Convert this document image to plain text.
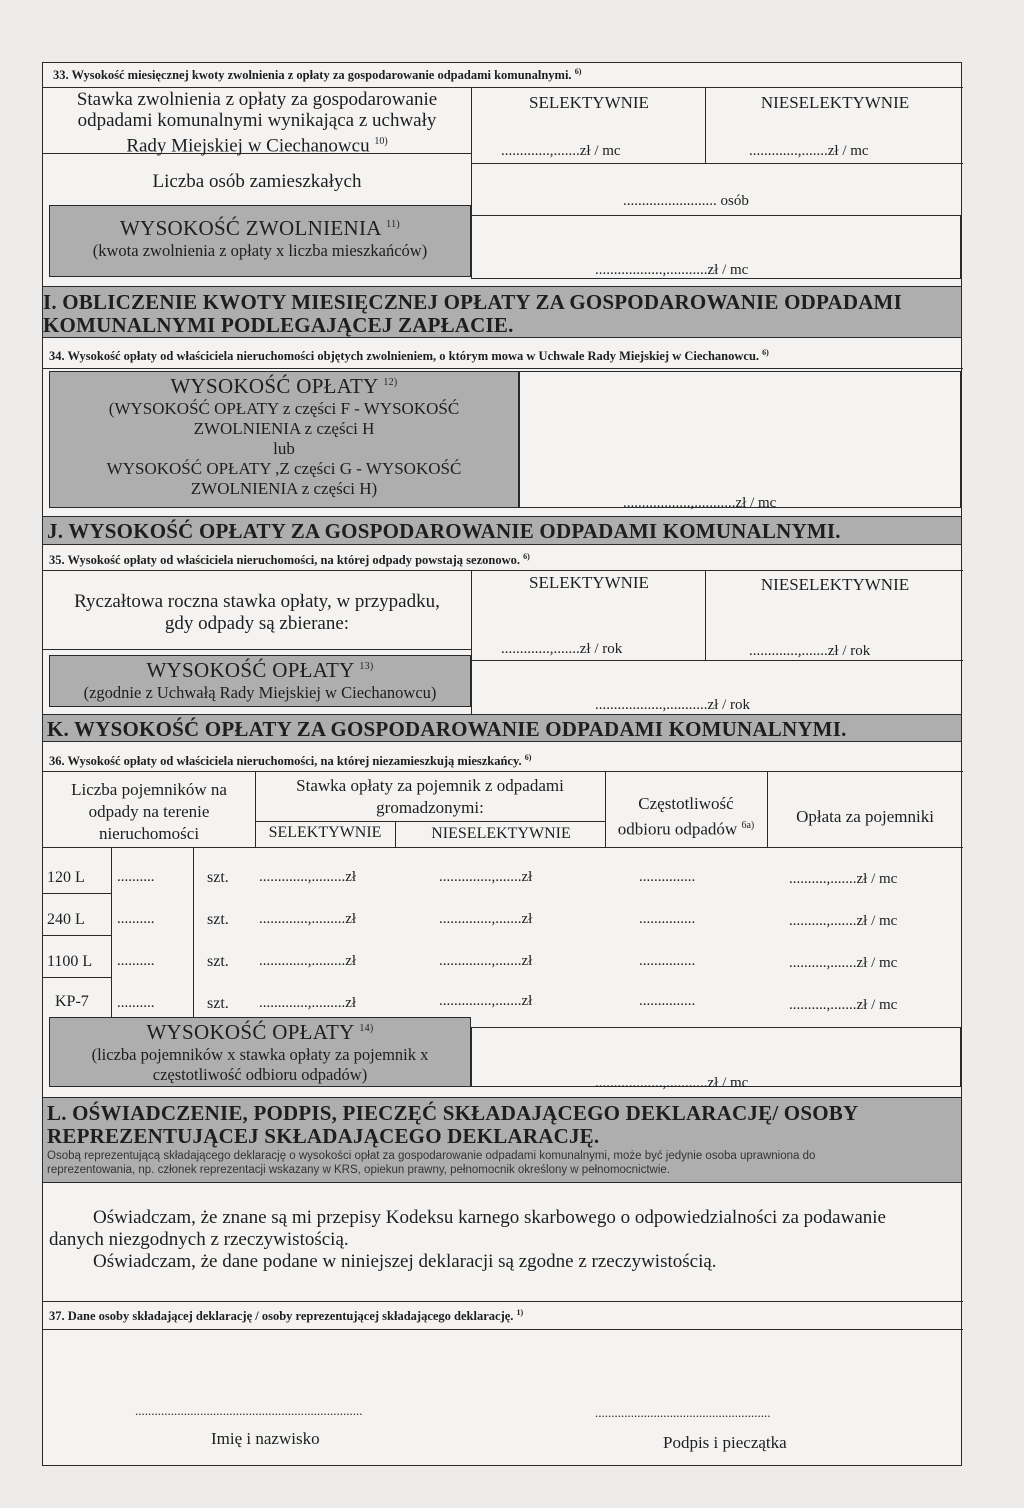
33. Wysokość miesięcznej kwoty zwolnienia z opłaty za gospodarowanie odpadami komunalnymi. $^{6)}$
Stawka zwolnienia z opłaty za gospodarowanie
odpadami komunalnymi wynikająca z uchwały
Rady Miejskiej w Ciechanowcu $^{10)}$
SELEKTYWNIE	NIESELEKTYWNIE
.............,.......zł / mc	.............,.......zł / mc
Liczba osób zamieszkałych
......................... osób
WYSOKOŚĆ ZWOLNIENIA $^{11)}$
(kwota zwolnienia z opłaty x liczba mieszkańców)
..................,...........zł / mc
I. OBLICZENIE KWOTY MIESIĘCZNEJ OPŁATY ZA GOSPODAROWANIE ODPADAMI
KOMUNALNYMI PODLEGAJĄCEJ ZAPŁACIE.
34. Wysokość opłaty od właściciela nieruchomości objętych zwolnieniem, o którym mowa w Uchwale Rady Miejskiej w Ciechanowcu. $^{6)}$
WYSOKOŚĆ OPŁATY $^{12)}$
(WYSOKOŚĆ OPŁATY z części F - WYSOKOŚĆ
ZWOLNIENIA z części H
lub
WYSOKOŚĆ OPŁATY ,Z części G - WYSOKOŚĆ
ZWOLNIENIA z części H)
..................,...........zł / mc
J. WYSOKOŚĆ OPŁATY ZA GOSPODAROWANIE ODPADAMI KOMUNALNYMI.
35. Wysokość opłaty od właściciela nieruchomości, na której odpady powstają sezonowo. $^{6)}$
SELEKTYWNIE	NIESELEKTYWNIE
Ryczałtowa roczna stawka opłaty, w przypadku,
gdy odpady są zbierane:
.............,.......zł / rok	.............,.......zł / rok
WYSOKOŚĆ OPŁATY $^{13)}$
(zgodnie z Uchwałą Rady Miejskiej w Ciechanowcu)
..................,...........zł / rok
K. WYSOKOŚĆ OPŁATY ZA GOSPODAROWANIE ODPADAMI KOMUNALNYMI.
36. Wysokość opłaty od właściciela nieruchomości, na której niezamieszkują mieszkańcy. $^{6)}$
Liczba pojemników na
odpady na terenie
nieruchomości
Stawka opłaty za pojemnik z odpadami
gromadzonymi:
SELEKTYWNIE	NIESELEKTYWNIE
Częstotliwość
odbioru odpadów $^{6a)}$	Opłata za pojemniki
120 L ..........	szt. .............,.........zł	..............,.......zł	...............	..........,.......zł / mc
240 L ..........	szt. .............,.........zł	..............,.......zł	...............	..........,.......zł / mc
1100 L ..........	szt. .............,.........zł	..............,.......zł	...............	..........,.......zł / mc
KP-7 ..........	szt. .............,.........zł	..............,.......zł	...............	..........,.......zł / mc
WYSOKOŚĆ OPŁATY $^{14)}$
(liczba pojemników x stawka opłaty za pojemnik x
częstotliwość odbioru odpadów)	..................,...........zł / mc
L. OŚWIADCZENIE, PODPIS, PIECZĘĆ SKŁADAJĄCEGO DEKLARACJĘ/ OSOBY
REPREZENTUJĄCEJ SKŁADAJĄCEGO DEKLARACJĘ.
Osobą reprezentującą składającego deklarację o wysokości opłat za gospodarowanie odpadami komunalnymi, może być jedynie osoba uprawniona do
reprezentowania, np. członek reprezentacji wskazany w KRS, opiekun prawny, pełnomocnik określony w pełnomocnictwie.
Oświadczam, że znane są mi przepisy Kodeksu karnego skarbowego o odpowiedzialności za podawanie
danych niezgodnych z rzeczywistością.
Oświadczam, że dane podane w niniejszej deklaracji są zgodne z rzeczywistością.
37. Dane osoby składającej deklarację / osoby reprezentującej składającego deklarację. $^{1)}$
......................................................................
Imię i nazwisko
......................................................
Podpis i pieczątka
